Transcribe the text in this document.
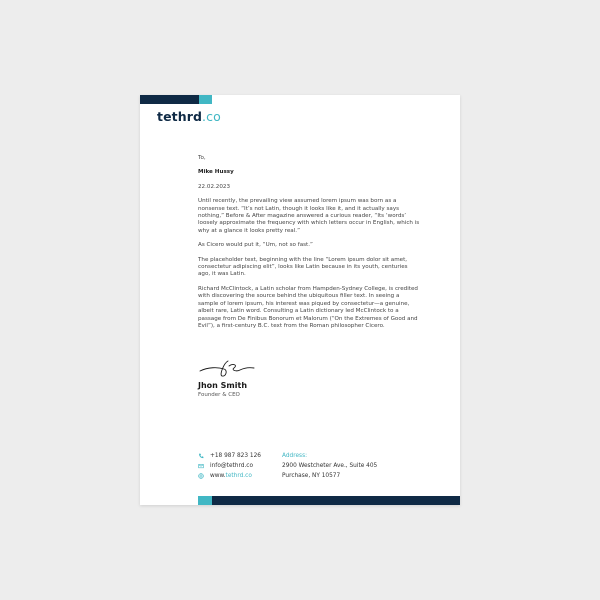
tethrd.co

To,

Mike Hussy

22.02.2023

Until recently, the prevailing view assumed lorem ipsum was born as a nonsense text. “It’s not Latin, though it looks like it, and it actually says nothing,” Before & After magazine answered a curious reader, “Its ‘words’ loosely approximate the frequency with which letters occur in English, which is why at a glance it looks pretty real.”

As Cicero would put it, “Um, not so fast.”

The placeholder text, beginning with the line “Lorem ipsum dolor sit amet, consectetur adipiscing elit”, looks like Latin because in its youth, centuries ago, it was Latin.

Richard McClintock, a Latin scholar from Hampden-Sydney College, is credited with discovering the source behind the ubiquitous filler text. In seeing a sample of lorem ipsum, his interest was piqued by consectetur—a genuine, albeit rare, Latin word. Consulting a Latin dictionary led McClintock to a passage from De Finibus Bonorum et Malorum (“On the Extremes of Good and Evil”), a first-century B.C. text from the Roman philosopher Cicero.

Jhon Smith
Founder & CEO
+18 987 823 126
info@tethrd.co
www.tethrd.co
Address:
2900 Westcheter Ave., Suite 405
Purchase, NY 10577
